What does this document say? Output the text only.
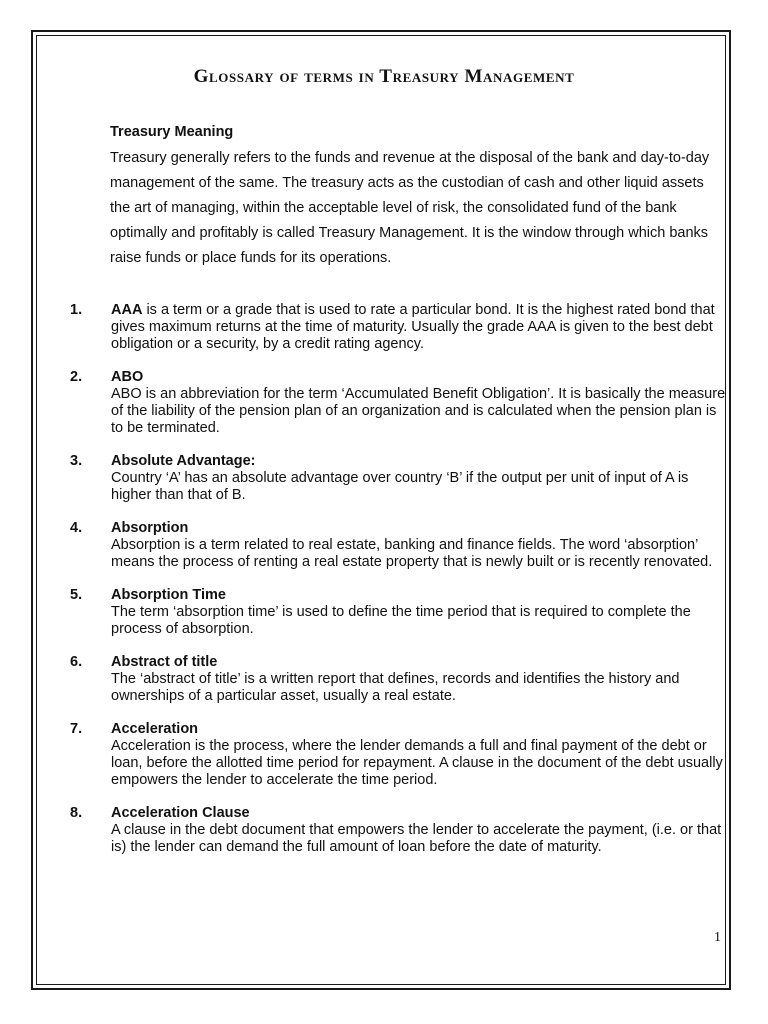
Glossary of terms in Treasury Management

Treasury Meaning

Treasury generally refers to the funds and revenue at the disposal of the bank and day-to-day management of the same. The treasury acts as the custodian of cash and other liquid assets the art of managing, within the acceptable level of risk, the consolidated fund of the bank optimally and profitably is called Treasury Management. It is the window through which banks raise funds or place funds for its operations.

1. AAA is a term or a grade that is used to rate a particular bond. It is the highest rated bond that gives maximum returns at the time of maturity. Usually the grade AAA is given to the best debt obligation or a security, by a credit rating agency.

2. ABO

ABO is an abbreviation for the term ‘Accumulated Benefit Obligation’. It is basically the measure of the liability of the pension plan of an organization and is calculated when the pension plan is to be terminated.

3. Absolute Advantage:

Country ‘A’ has an absolute advantage over country ‘B’ if the output per unit of input of A is higher than that of B.

4. Absorption

Absorption is a term related to real estate, banking and finance fields. The word ‘absorption’ means the process of renting a real estate property that is newly built or is recently renovated.

5. Absorption Time

The term ‘absorption time’ is used to define the time period that is required to complete the process of absorption.

6. Abstract of title

The ‘abstract of title’ is a written report that defines, records and identifies the history and ownerships of a particular asset, usually a real estate.

7. Acceleration

Acceleration is the process, where the lender demands a full and final payment of the debt or loan, before the allotted time period for repayment. A clause in the document of the debt usually empowers the lender to accelerate the time period.

8. Acceleration Clause

A clause in the debt document that empowers the lender to accelerate the payment, (i.e. or that is) the lender can demand the full amount of loan before the date of maturity.

1
